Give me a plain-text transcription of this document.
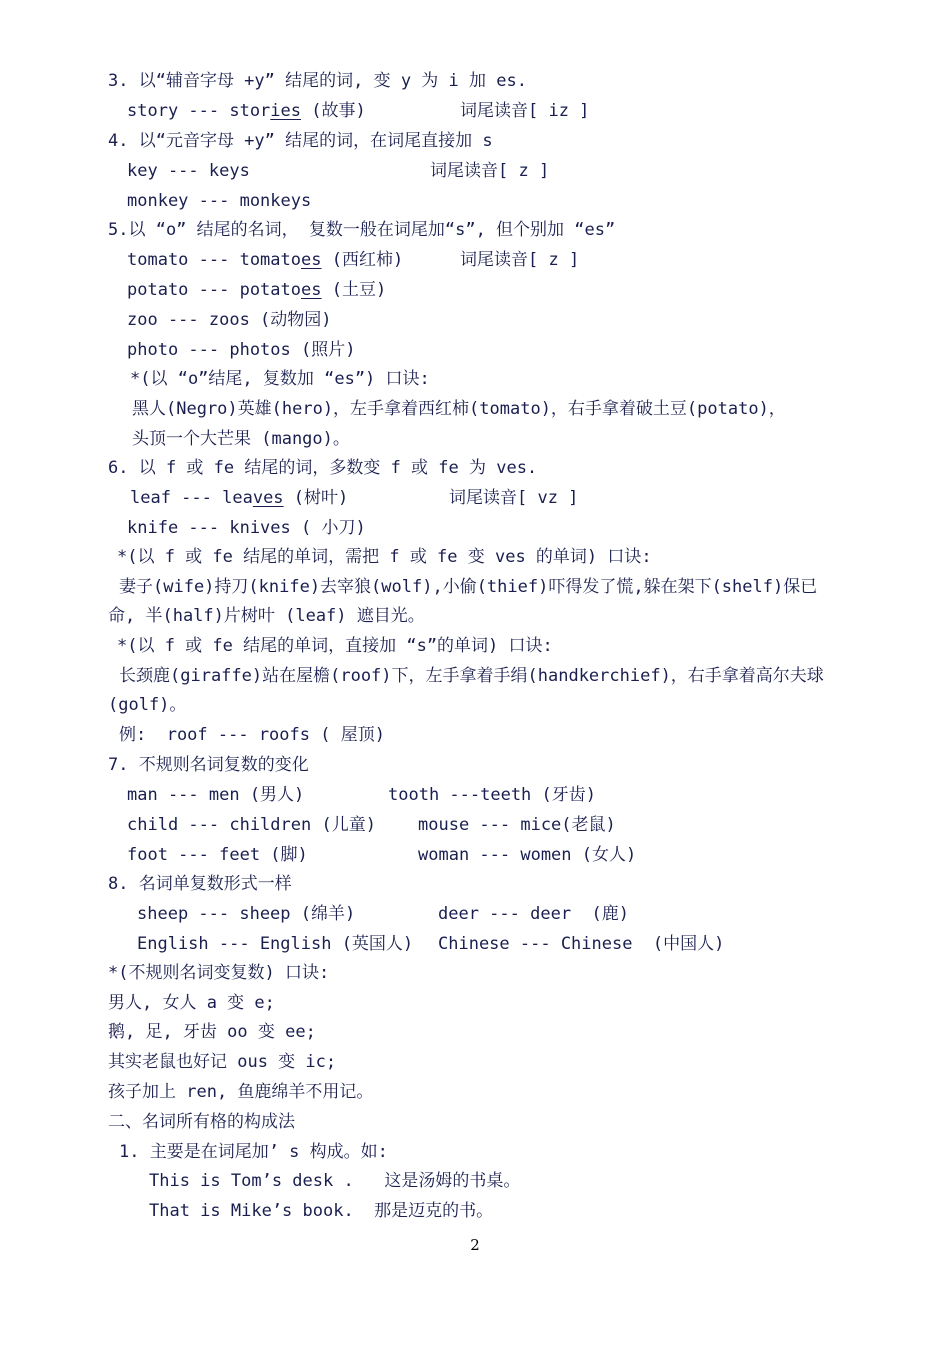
3. 以“辅音字母 +y” 结尾的词, 变 y 为 i 加 es.
story --- stories (故事)	词尾读音[ iz ]
4. 以“元音字母 +y” 结尾的词，在词尾直接加 s
key --- keys	词尾读音[ z ]
monkey --- monkeys
5.以 “o” 结尾的名词， 复数一般在词尾加“s”, 但个别加 “es”
tomato --- tomatoes (西红柿)	词尾读音[ z ]
potato --- potatoes (土豆)
zoo --- zoos (动物园)
photo --- photos (照片)
*(以 “o”结尾, 复数加 “es”) 口诀:
黑人(Negro)英雄(hero)，左手拿着西红柿(tomato)，右手拿着破土豆(potato)，
头顶一个大芒果 (mango)。
6. 以 f 或 fe 结尾的词，多数变 f 或 fe 为 ves.
leaf --- leaves (树叶)	词尾读音[ vz ]
knife --- knives ( 小刀)
*(以 f 或 fe 结尾的单词，需把 f 或 fe 变 ves 的单词) 口诀:
妻子(wife)持刀(knife)去宰狼(wolf),小偷(thief)吓得发了慌,躲在架下(shelf)保已
命, 半(half)片树叶 (leaf) 遮目光。
*(以 f 或 fe 结尾的单词，直接加 “s”的单词) 口诀:
长颈鹿(giraffe)站在屋檐(roof)下，左手拿着手绢(handkerchief)，右手拿着高尔夫球
(golf)。
例:  roof --- roofs ( 屋顶)
7. 不规则名词复数的变化
man --- men (男人)	tooth ---teeth (牙齿)
child --- children (儿童) mouse --- mice(老鼠)
foot --- feet (脚)	woman --- women (女人)
8. 名词单复数形式一样
sheep --- sheep (绵羊)	deer --- deer  (鹿)
English --- English (英国人) Chinese --- Chinese  (中国人)
*(不规则名词变复数) 口诀:
男人, 女人 a 变 e;
鹅, 足, 牙齿 oo 变 ee;
其实老鼠也好记 ous 变 ic;
孩子加上 ren, 鱼鹿绵羊不用记。
二、名词所有格的构成法
1. 主要是在词尾加’ s 构成。如:
This is Tom’s desk .   这是汤姆的书桌。
That is Mike’s book.  那是迈克的书。
2
